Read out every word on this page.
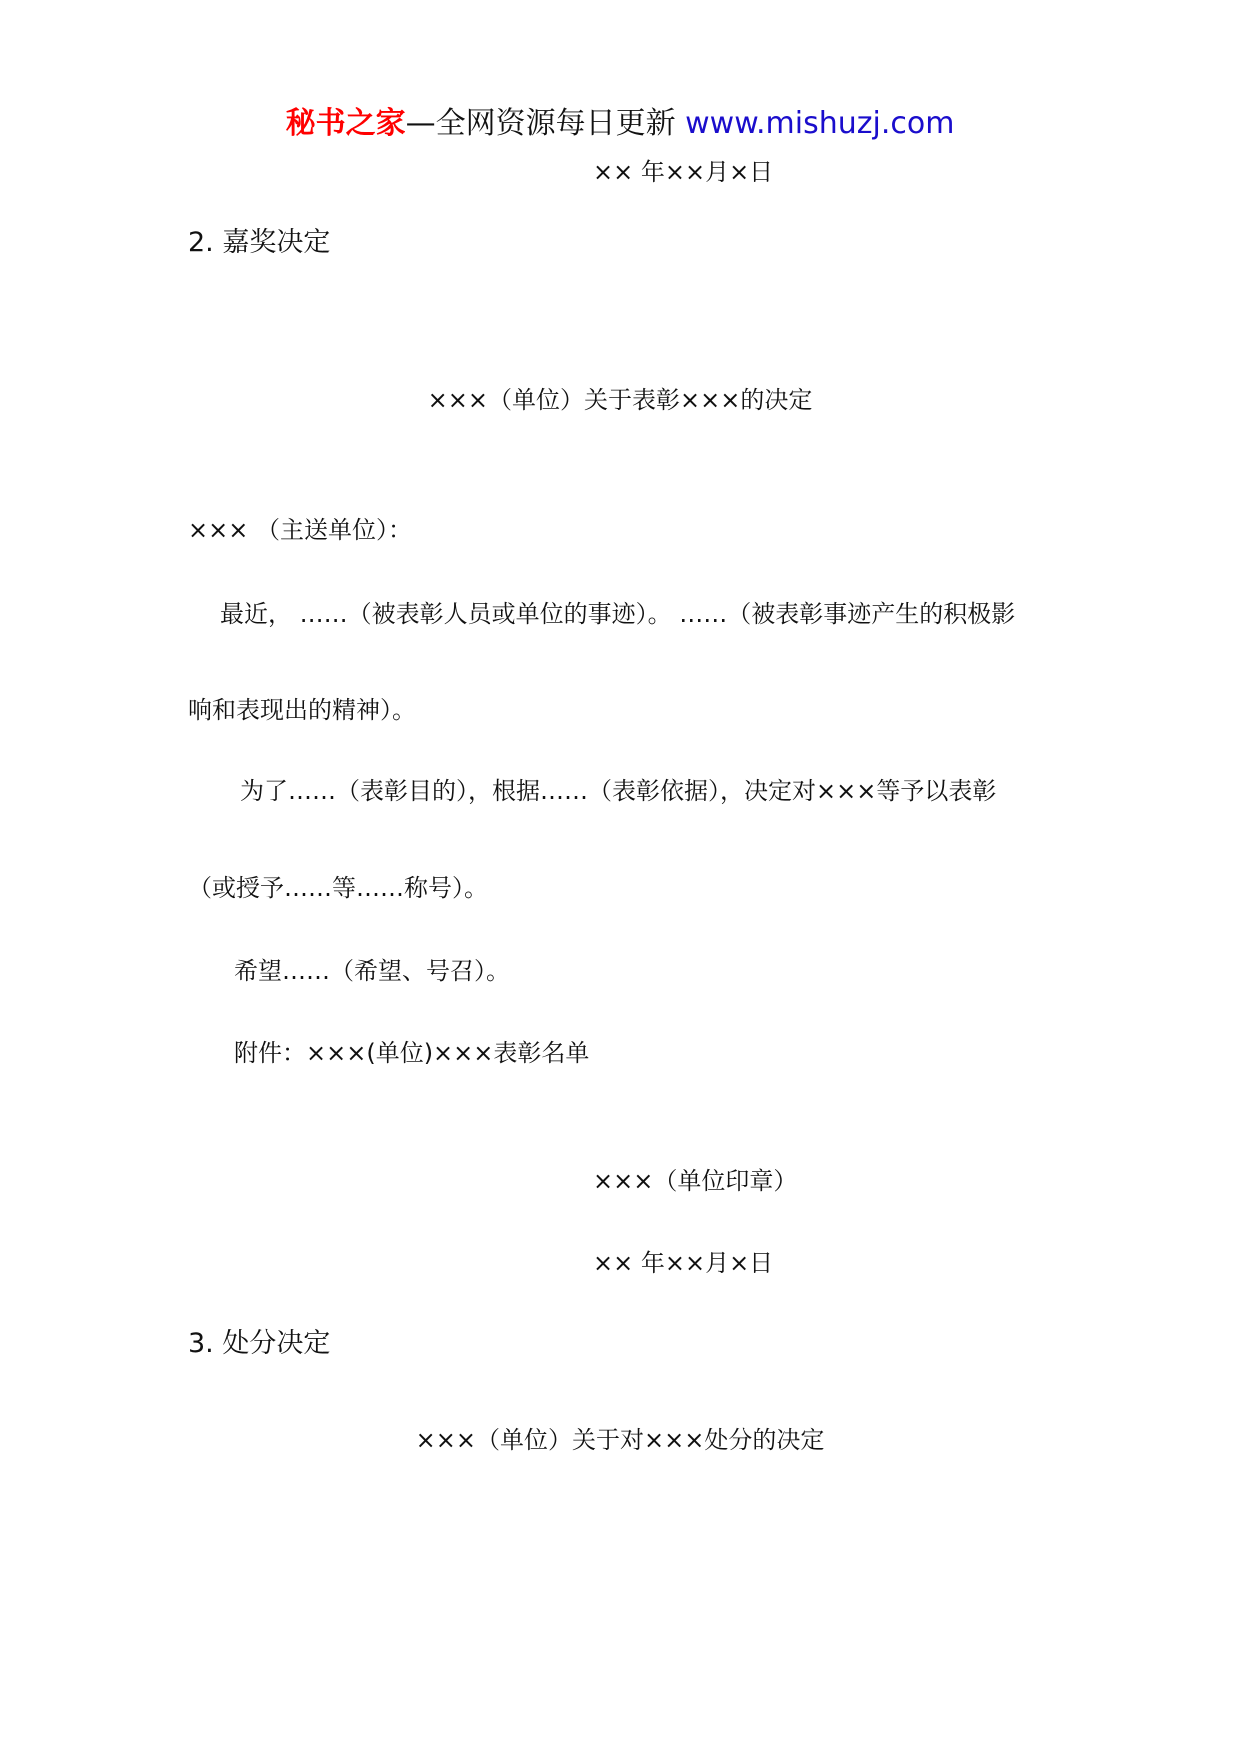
秘书之家—全网资源每日更新 www.mishuzj.com
×× 年××月×日
2. 嘉奖决定
×××（单位）关于表彰×××的决定
××× （主送单位）：
最近， ……（被表彰人员或单位的事迹）。 ……（被表彰事迹产生的积极影
响和表现出的精神）。
为了……（表彰目的），根据……（表彰依据），决定对×××等予以表彰
（或授予……等……称号）。
希望……（希望、号召）。
附件：×××(单位)×××表彰名单
×××（单位印章）
×× 年××月×日
3. 处分决定
×××（单位）关于对×××处分的决定
